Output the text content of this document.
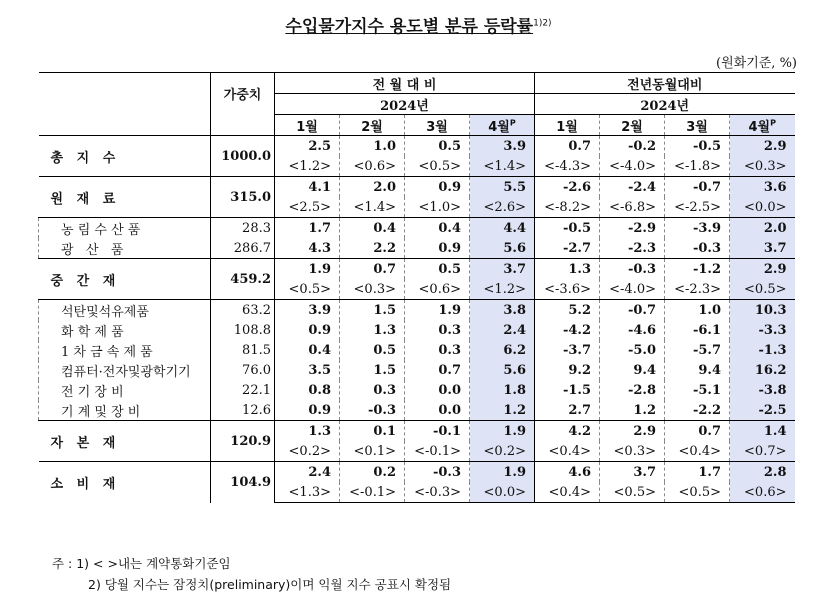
수입물가지수 용도별 분류 등락률$^{1)2)}$
(원화기준, %)
	가중치	전 월 대 비				전년동월대비			
		2024년				2024년			
		1월	2월	3월	4월$^P$	1월	2월	3월	4월$^P$
총   지   수	1000.0	2.5	1.0	0.5	3.9	0.7	-0.2	-0.5	2.9
		<1.2>	<0.6>	<0.5>	<1.4>	<-4.3>	<-4.0>	<-1.8>	<0.3>
원   재   료	315.0	4.1	2.0	0.9	5.5	-2.6	-2.4	-0.7	3.6
		<2.5>	<1.4>	<1.0>	<2.6>	<-8.2>	<-6.8>	<-2.5>	<0.0>
농 림 수 산 품	28.3	1.7	0.4	0.4	4.4	-0.5	-2.9	-3.9	2.0
광   산   품	286.7	4.3	2.2	0.9	5.6	-2.7	-2.3	-0.3	3.7
중   간   재	459.2	1.9	0.7	0.5	3.7	1.3	-0.3	-1.2	2.9
		<0.5>	<0.3>	<0.6>	<1.2>	<-3.6>	<-4.0>	<-2.3>	<0.5>
석탄및석유제품	63.2	3.9	1.5	1.9	3.8	5.2	-0.7	1.0	10.3
화 학 제 품	108.8	0.9	1.3	0.3	2.4	-4.2	-4.6	-6.1	-3.3
1 차 금 속 제 품	81.5	0.4	0.5	0.3	6.2	-3.7	-5.0	-5.7	-1.3
컴퓨터·전자및광학기기	76.0	3.5	1.5	0.7	5.6	9.2	9.4	9.4	16.2
전 기 장 비	22.1	0.8	0.3	0.0	1.8	-1.5	-2.8	-5.1	-3.8
기 계 및 장 비	12.6	0.9	-0.3	0.0	1.2	2.7	1.2	-2.2	-2.5
자   본   재	120.9	1.3	0.1	-0.1	1.9	4.2	2.9	0.7	1.4
		<0.2>	<0.1>	<-0.1>	<0.2>	<0.4>	<0.3>	<0.4>	<0.7>
소   비   재	104.9	2.4	0.2	-0.3	1.9	4.6	3.7	1.7	2.8
		<1.3>	<-0.1>	<-0.3>	<0.0>	<0.4>	<0.5>	<0.5>	<0.6>
주 : 1) < >내는 계약통화기준임
2) 당월 지수는 잠정치(preliminary)이며 익월 지수 공표시 확정됨
